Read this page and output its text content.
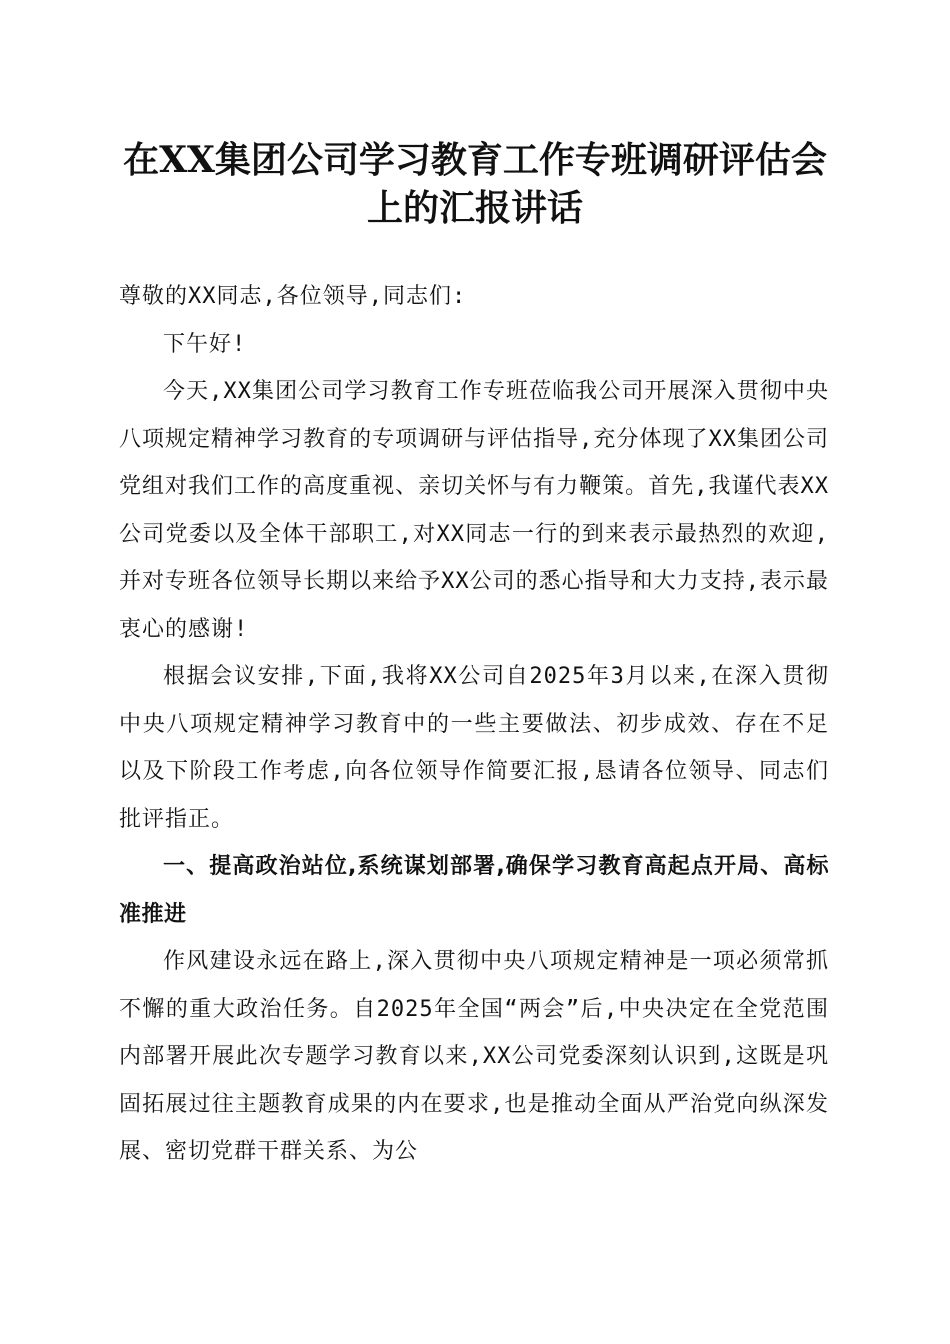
在XX集团公司学习教育工作专班调研评估会
上的汇报讲话

尊敬的XX同志,各位领导,同志们:

下午好!

今天,XX集团公司学习教育工作专班莅临我公司开展深入贯彻中央八项规定精神学习教育的专项调研与评估指导,充分体现了XX集团公司党组对我们工作的高度重视、亲切关怀与有力鞭策。首先,我谨代表XX公司党委以及全体干部职工,对XX同志一行的到来表示最热烈的欢迎,并对专班各位领导长期以来给予XX公司的悉心指导和大力支持,表示最衷心的感谢!

根据会议安排,下面,我将XX公司自2025年3月以来,在深入贯彻中央八项规定精神学习教育中的一些主要做法、初步成效、存在不足以及下阶段工作考虑,向各位领导作简要汇报,恳请各位领导、同志们批评指正。

一、提高政治站位,系统谋划部署,确保学习教育高起点开局、高标准推进

作风建设永远在路上,深入贯彻中央八项规定精神是一项必须常抓不懈的重大政治任务。自2025年全国“两会”后,中央决定在全党范围内部署开展此次专题学习教育以来,XX公司党委深刻认识到,这既是巩固拓展过往主题教育成果的内在要求,也是推动全面从严治党向纵深发展、密切党群干群关系、为公
